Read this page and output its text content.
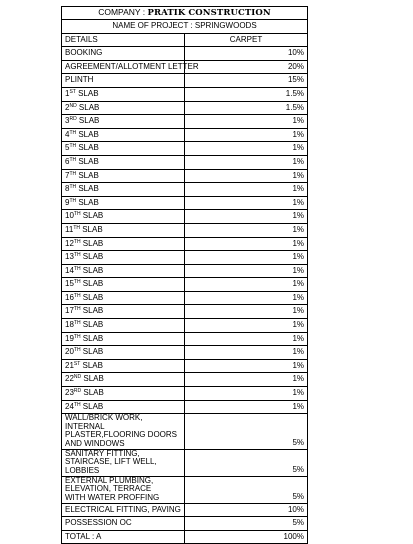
COMPANY : PRATIK CONSTRUCTION	
NAME OF PROJECT : SPRINGWOODS	
DETAILS	CARPET
BOOKING	10%
AGREEMENT/ALLOTMENT LETTER	20%
PLINTH	15%
1ST SLAB	1.5%
2ND SLAB	1.5%
3RD SLAB	1%
4TH SLAB	1%
5TH SLAB	1%
6TH SLAB	1%
7TH SLAB	1%
8TH SLAB	1%
9TH SLAB	1%
10TH SLAB	1%
11TH SLAB	1%
12TH SLAB	1%
13TH SLAB	1%
14TH SLAB	1%
15TH SLAB	1%
16TH SLAB	1%
17TH SLAB	1%
18TH SLAB	1%
19TH SLAB	1%
20TH SLAB	1%
21ST SLAB	1%
22ND SLAB	1%
23RD SLAB	1%
24TH SLAB	1%

WALL/BRICK WORK, INTERNAL
PLASTER,FLOORING DOORS AND WINDOWS	5%

SANITARY FITTING, STAIRCASE, LIFT WELL,
LOBBIES	5%

EXTERNAL PLUMBING, ELEVATION, TERRACE
WITH WATER PROFFING	5%
ELECTRICAL FITTING, PAVING	10%
POSSESSION OC	5%
TOTAL : A	100%
